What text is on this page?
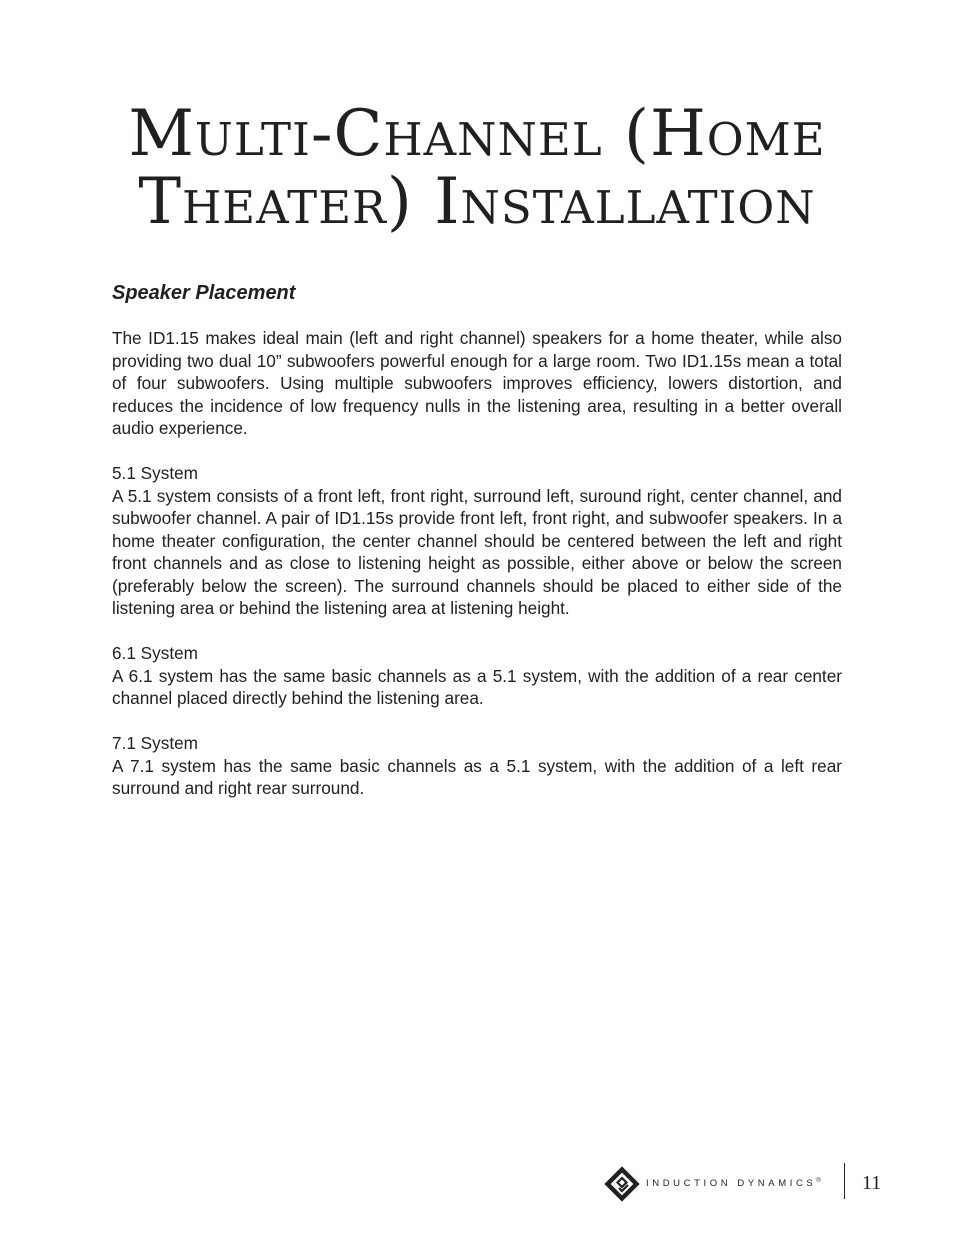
Multi-Channel (Home
Theater) Installation
Speaker Placement

The ID1.15 makes ideal main (left and right channel) speakers for a home theater, while also providing two dual 10” subwoofers powerful enough for a large room. Two ID1.15s mean a total of four subwoofers. Using multiple subwoofers improves efficiency, lowers distortion, and reduces the incidence of low frequency nulls in the listening area, resulting in a better overall audio experience.

5.1 System
A 5.1 system consists of a front left, front right, surround left, suround right, center channel, and subwoofer channel. A pair of ID1.15s provide front left, front right, and subwoofer speakers. In a home theater configuration, the center channel should be centered between the left and right front channels and as close to listening height as possible, either above or below the screen (preferably below the screen). The surround channels should be placed to either side of the listening area or behind the listening area at listening height.

6.1 System
A 6.1 system has the same basic channels as a 5.1 system, with the addition of a rear center channel placed directly behind the listening area.

7.1 System
A 7.1 system has the same basic channels as a 5.1 system, with the addition of a left rear surround and right rear surround.

INDUCTION DYNAMICS® 11
